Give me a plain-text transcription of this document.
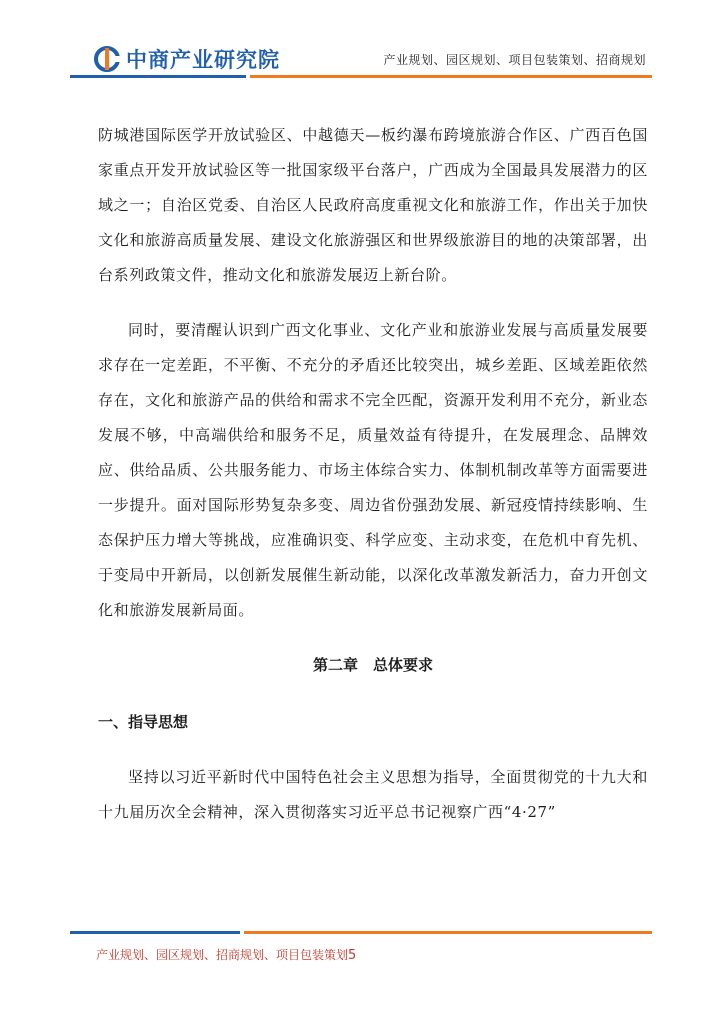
中商产业研究院	产业规划、园区规划、项目包装策划、招商规划

防城港国际医学开放试验区、中越德天—板约瀑布跨境旅游合作区、广西百色国家重点开发开放试验区等一批国家级平台落户，广西成为全国最具发展潜力的区域之一；自治区党委、自治区人民政府高度重视文化和旅游工作，作出关于加快文化和旅游高质量发展、建设文化旅游强区和世界级旅游目的地的决策部署，出台系列政策文件，推动文化和旅游发展迈上新台阶。

同时，要清醒认识到广西文化事业、文化产业和旅游业发展与高质量发展要求存在一定差距，不平衡、不充分的矛盾还比较突出，城乡差距、区域差距依然存在，文化和旅游产品的供给和需求不完全匹配，资源开发利用不充分，新业态发展不够，中高端供给和服务不足，质量效益有待提升，在发展理念、品牌效应、供给品质、公共服务能力、市场主体综合实力、体制机制改革等方面需要进一步提升。面对国际形势复杂多变、周边省份强劲发展、新冠疫情持续影响、生态保护压力增大等挑战，应准确识变、科学应变、主动求变，在危机中育先机、于变局中开新局，以创新发展催生新动能，以深化改革激发新活力，奋力开创文化和旅游发展新局面。

第二章　总体要求
一、指导思想

坚持以习近平新时代中国特色社会主义思想为指导，全面贯彻党的十九大和十九届历次全会精神，深入贯彻落实习近平总书记视察广西“4·27”

产业规划、园区规划、招商规划、项目包装策划5
